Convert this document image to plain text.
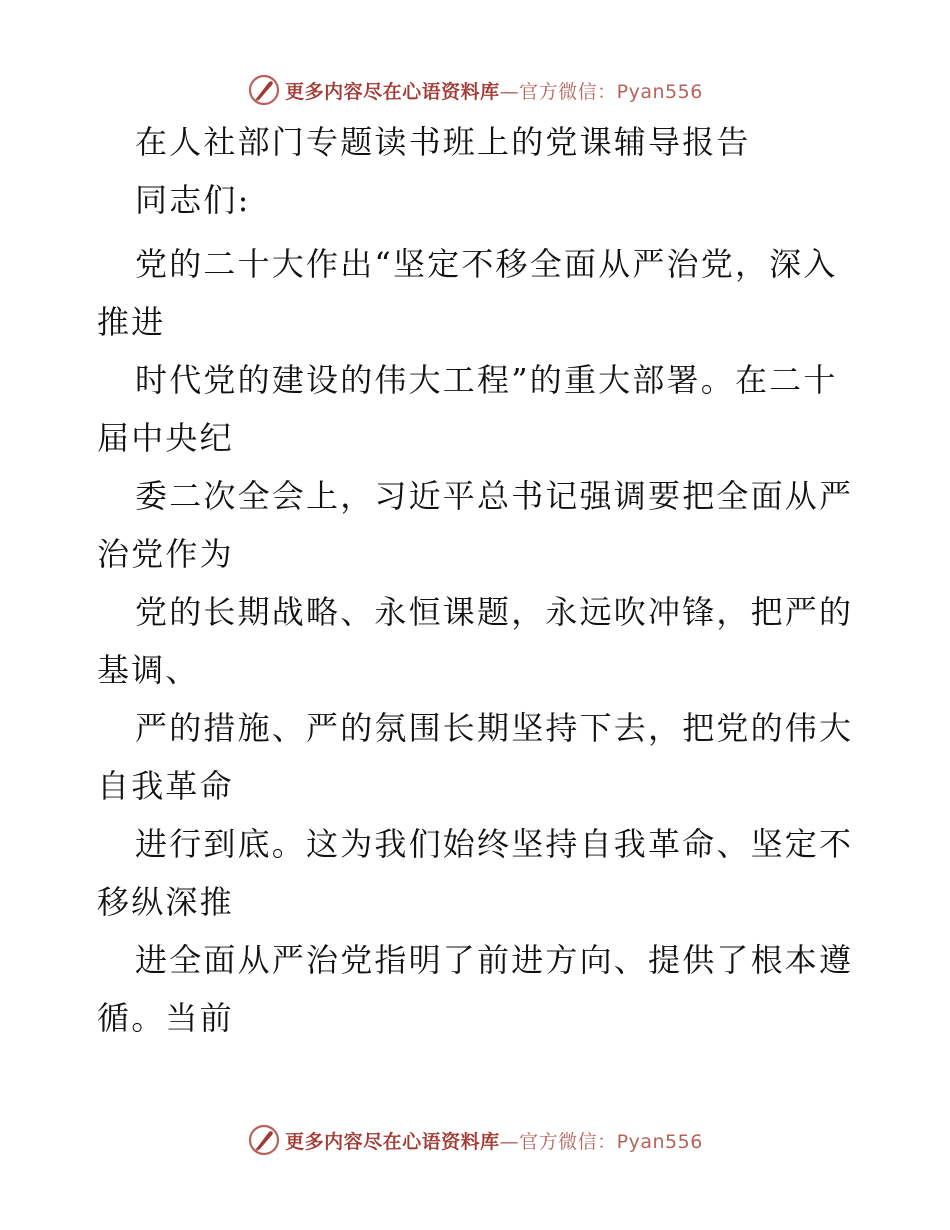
更多内容尽在心语资料库—官方微信：Pyan556
在人社部门专题读书班上的党课辅导报告
同志们:
党的二十大作出“坚定不移全面从严治党，深入
推进
时代党的建设的伟大工程”的重大部署。在二十
届中央纪
委二次全会上，习近平总书记强调要把全面从严
治党作为
党的长期战略、永恒课题，永远吹冲锋，把严的
基调、
严的措施、严的氛围长期坚持下去，把党的伟大
自我革命
进行到底。这为我们始终坚持自我革命、坚定不
移纵深推
进全面从严治党指明了前进方向、提供了根本遵
循。当前
更多内容尽在心语资料库—官方微信：Pyan556
